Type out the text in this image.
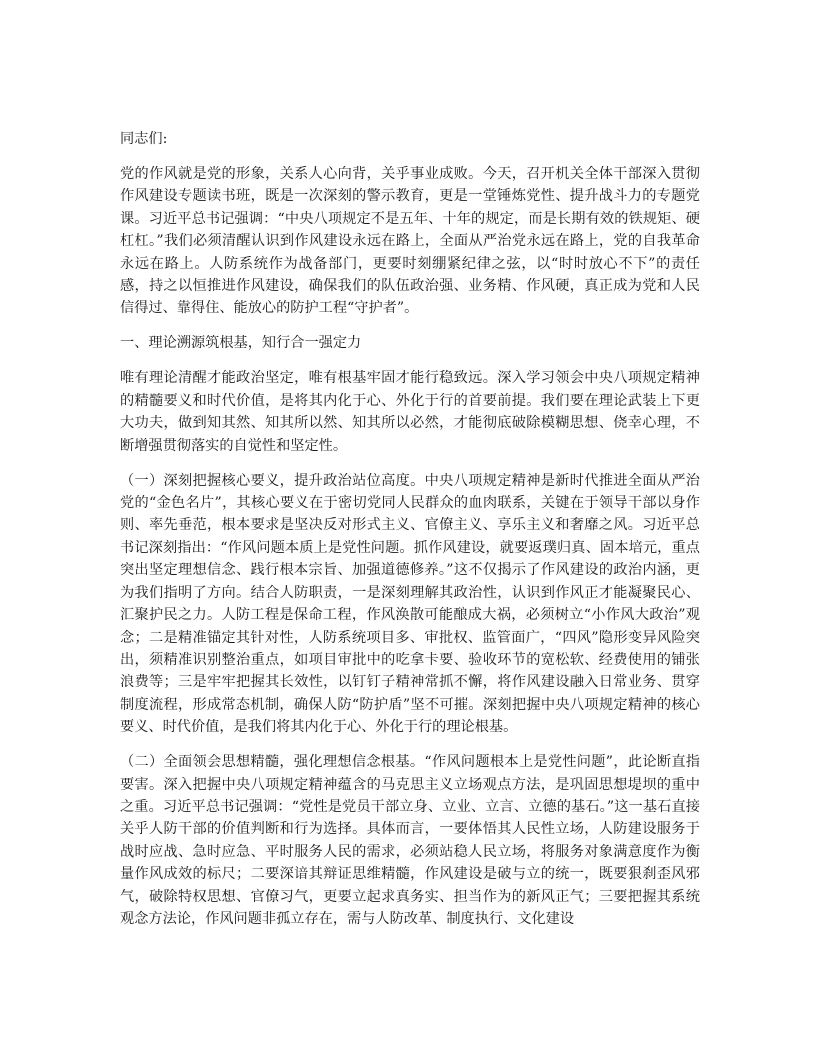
同志们:

党的作风就是党的形象，关系人心向背，关乎事业成败。今天，召开机关全体干部深入贯彻作风建设专题读书班，既是一次深刻的警示教育，更是一堂锤炼党性、提升战斗力的专题党课。习近平总书记强调：“中央八项规定不是五年、十年的规定，而是长期有效的铁规矩、硬杠杠。”我们必须清醒认识到作风建设永远在路上，全面从严治党永远在路上，党的自我革命永远在路上。人防系统作为战备部门，更要时刻绷紧纪律之弦，以“时时放心不下”的责任感，持之以恒推进作风建设，确保我们的队伍政治强、业务精、作风硬，真正成为党和人民信得过、靠得住、能放心的防护工程“守护者”。

一、理论溯源筑根基，知行合一强定力

唯有理论清醒才能政治坚定，唯有根基牢固才能行稳致远。深入学习领会中央八项规定精神的精髓要义和时代价值，是将其内化于心、外化于行的首要前提。我们要在理论武装上下更大功夫，做到知其然、知其所以然、知其所以必然，才能彻底破除模糊思想、侥幸心理，不断增强贯彻落实的自觉性和坚定性。

（一）深刻把握核心要义，提升政治站位高度。中央八项规定精神是新时代推进全面从严治党的“金色名片”，其核心要义在于密切党同人民群众的血肉联系，关键在于领导干部以身作则、率先垂范，根本要求是坚决反对形式主义、官僚主义、享乐主义和奢靡之风。习近平总书记深刻指出：“作风问题本质上是党性问题。抓作风建设，就要返璞归真、固本培元，重点突出坚定理想信念、践行根本宗旨、加强道德修养。”这不仅揭示了作风建设的政治内涵，更为我们指明了方向。结合人防职责，一是深刻理解其政治性，认识到作风正才能凝聚民心、汇聚护民之力。人防工程是保命工程，作风涣散可能酿成大祸，必须树立“小作风大政治”观念；二是精准锚定其针对性，人防系统项目多、审批权、监管面广，“四风”隐形变异风险突出，须精准识别整治重点，如项目审批中的吃拿卡要、验收环节的宽松软、经费使用的铺张浪费等；三是牢牢把握其长效性，以钉钉子精神常抓不懈，将作风建设融入日常业务、贯穿制度流程，形成常态机制，确保人防“防护盾”坚不可摧。深刻把握中央八项规定精神的核心要义、时代价值，是我们将其内化于心、外化于行的理论根基。

（二）全面领会思想精髓，强化理想信念根基。“作风问题根本上是党性问题”，此论断直指要害。深入把握中央八项规定精神蕴含的马克思主义立场观点方法，是巩固思想堤坝的重中之重。习近平总书记强调：“党性是党员干部立身、立业、立言、立德的基石。”这一基石直接关乎人防干部的价值判断和行为选择。具体而言，一要体悟其人民性立场，人防建设服务于战时应战、急时应急、平时服务人民的需求，必须站稳人民立场，将服务对象满意度作为衡量作风成效的标尺；二要深谙其辩证思维精髓，作风建设是破与立的统一，既要狠刹歪风邪气，破除特权思想、官僚习气，更要立起求真务实、担当作为的新风正气；三要把握其系统观念方法论，作风问题非孤立存在，需与人防改革、制度执行、文化建设
